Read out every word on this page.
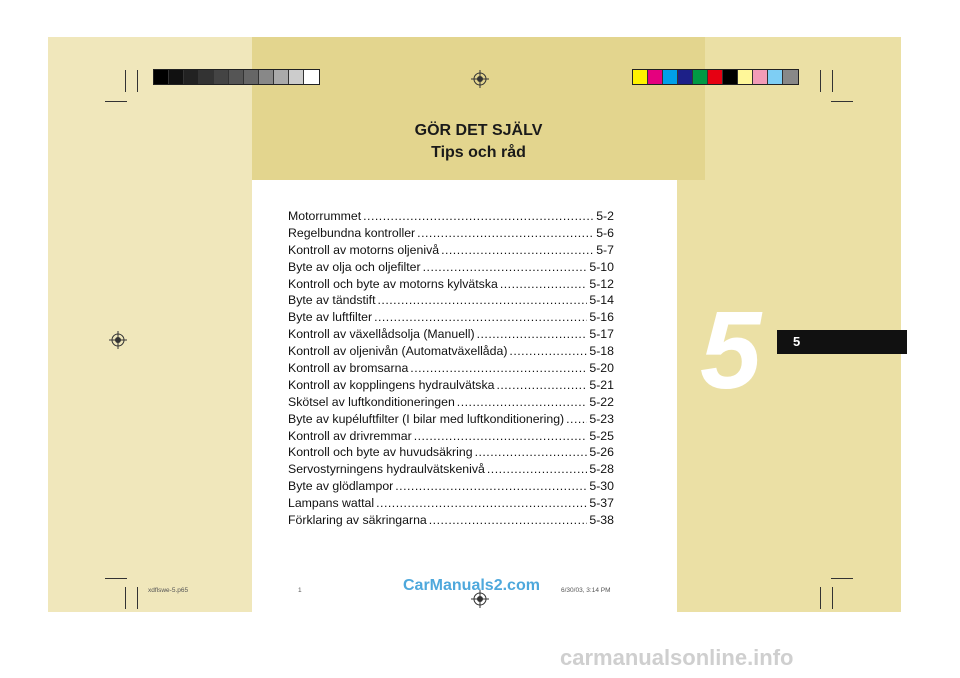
GÖR DET SJÄLV
Tips och råd
Motorrummet .....	5-2
Regelbundna kontroller .....	5-6
Kontroll av motorns oljenivå .....	5-7
Byte av olja och oljefilter .....	5-10
Kontroll och byte av motorns kylvätska .....	5-12
Byte av tändstift .....	5-14
Byte av luftfilter .....	5-16
Kontroll av växellådsolja (Manuell) .....	5-17
Kontroll av oljenivån (Automatväxellåda) .....	5-18
Kontroll av bromsarna .....	5-20
Kontroll av kopplingens hydraulvätska .....	5-21
Skötsel av luftkonditioneringen .....	5-22
Byte av kupéluftfilter (I bilar med luftkonditionering) ..... 5-23
Kontroll av drivremmar .....	5-25
Kontroll och byte av huvudsäkring .....	5-26
Servostyrningens hydraulvätskenivå .....	5-28
Byte av glödlampor .....	5-30
Lampans wattal .....	5-37
Förklaring av säkringarna .....	5-38
5 5
xdflswe-5.p65	1	6/30/03, 3:14 PM
CarManuals2.com
carmanualsonline.info
